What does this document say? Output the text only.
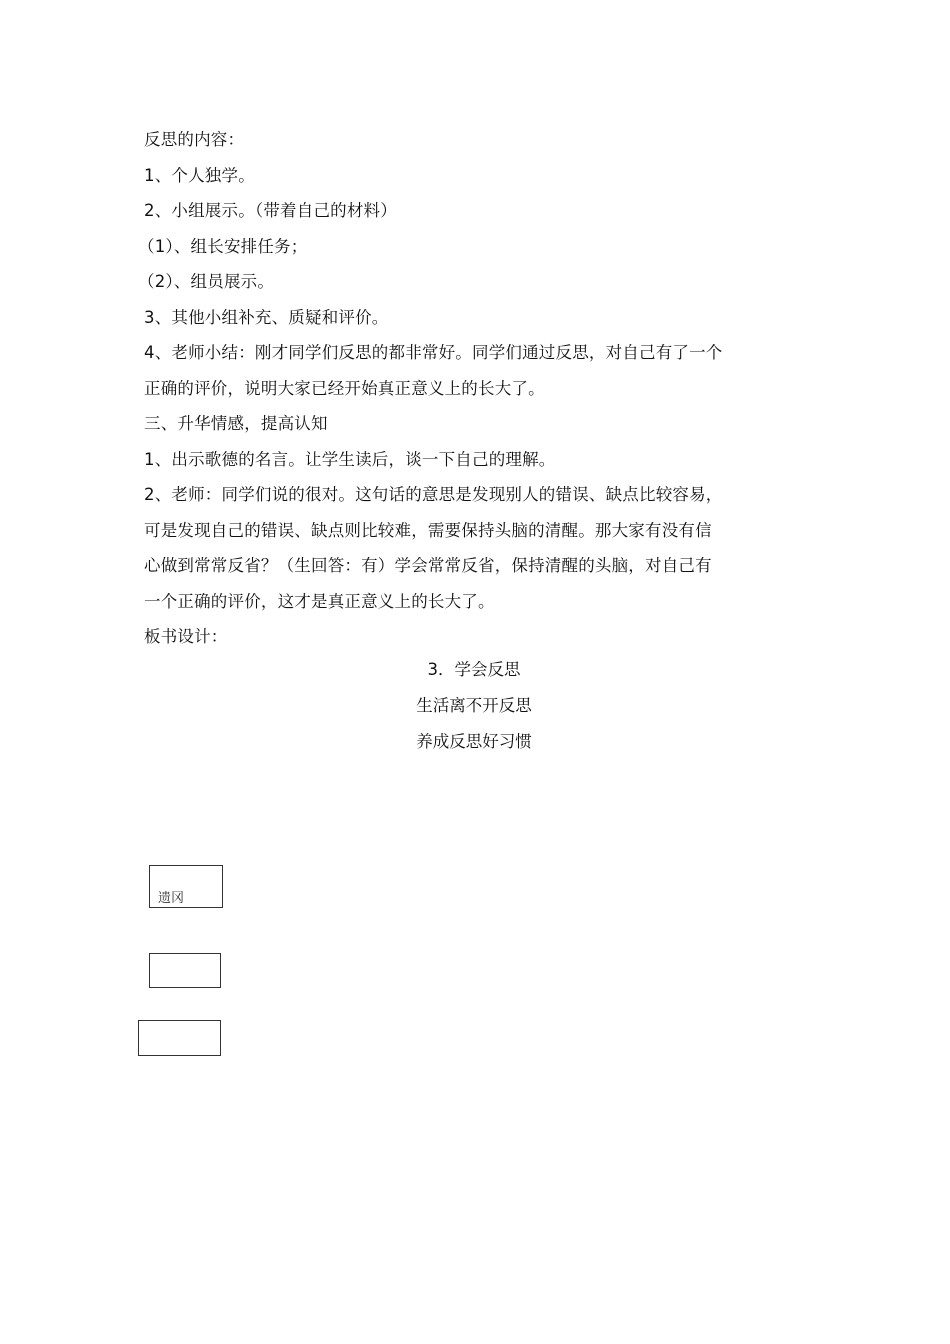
反思的内容：
1、个人独学。
2、小组展示。（带着自己的材料）
（1）、组长安排任务；
（2）、组员展示。
3、其他小组补充、质疑和评价。
4、老师小结：刚才同学们反思的都非常好。同学们通过反思，对自己有了一个
正确的评价，说明大家已经开始真正意义上的长大了。
三、升华情感，提高认知
1、出示歌德的名言。让学生读后，谈一下自己的理解。
2、老师：同学们说的很对。这句话的意思是发现别人的错误、缺点比较容易，
可是发现自己的错误、缺点则比较难，需要保持头脑的清醒。那大家有没有信
心做到常常反省？（生回答：有）学会常常反省，保持清醒的头脑，对自己有
一个正确的评价，这才是真正意义上的长大了。
板书设计：
3．学会反思
生活离不开反思
养成反思好习惯
遗冈
